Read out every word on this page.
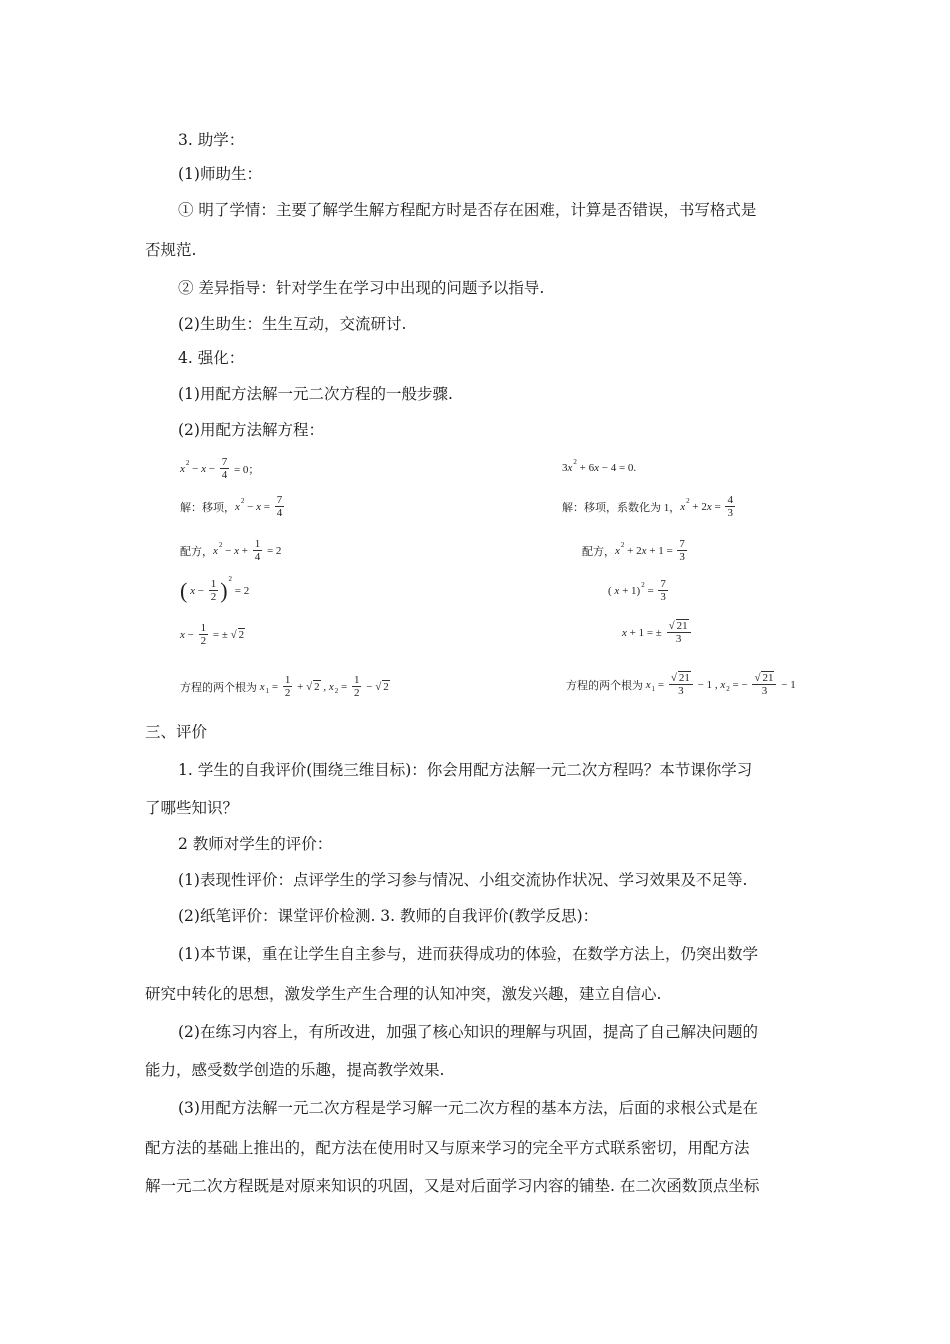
3. 助学：
(1)师助生：
① 明了学情：主要了解学生解方程配方时是否存在困难，计算是否错误，书写格式是
否规范.
② 差异指导：针对学生在学习中出现的问题予以指导.
(2)生助生：生生互动，交流研讨.
4. 强化：
(1)用配方法解一元二次方程的一般步骤.
(2)用配方法解方程：
x $2 - x - \frac{7}{4} = 0$；
解：移项， x $2 - x = \frac{7}{4}$
配方， x $2 - x + \frac{1}{4} = 2$
(
$x - \frac{1}{2}$ ) 2
= 2
$x - \frac{1}{2}$ = ± √ 2
方程的两个根为
x $1 = \frac{1}{2}$ + √ 2 , x $2 = \frac{1}{2}$ − √ 2
3 x 2 + 6 x − 4 = 0.
解：移项，系数化为 1， x 2 + 2 $x = \frac{4}{3}$
配方， x 2 + 2 $x + 1 = \frac{7}{3}$
( x + 1) $2 = \frac{7}{3}$
x + 1 = ± $\frac{√ 21}{3}$
方程的两个根为
x $1 = \frac{√ 21}{3} - 1$ , x 2 = − $\frac{√ 21}{3} - 1$
三、评价
1. 学生的自我评价(围绕三维目标)：你会用配方法解一元二次方程吗？本节课你学习
了哪些知识？
2 教师对学生的评价：
(1)表现性评价：点评学生的学习参与情况、小组交流协作状况、学习效果及不足等.
(2)纸笔评价：课堂评价检测. 3. 教师的自我评价(教学反思)：
(1)本节课，重在让学生自主参与，进而获得成功的体验，在数学方法上，仍突出数学
研究中转化的思想，激发学生产生合理的认知冲突，激发兴趣，建立自信心.
(2)在练习内容上，有所改进，加强了核心知识的理解与巩固，提高了自己解决问题的
能力，感受数学创造的乐趣，提高教学效果.
(3)用配方法解一元二次方程是学习解一元二次方程的基本方法，后面的求根公式是在
配方法的基础上推出的，配方法在使用时又与原来学习的完全平方式联系密切，用配方法
解一元二次方程既是对原来知识的巩固，又是对后面学习内容的铺垫. 在二次函数顶点坐标
